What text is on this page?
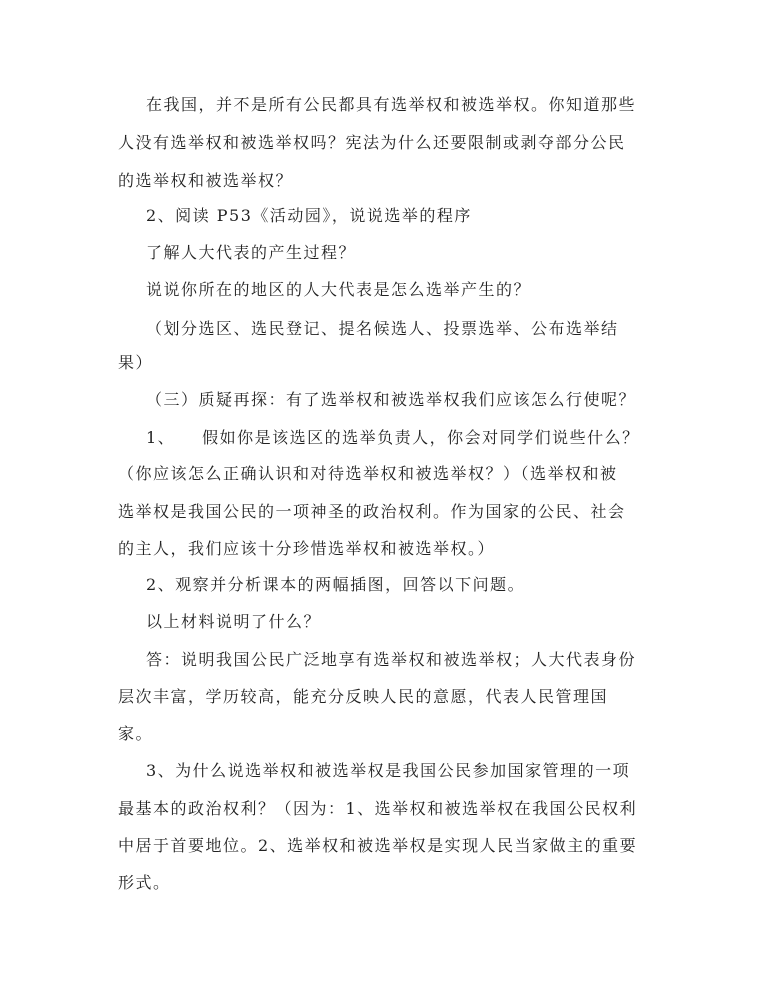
在我国，并不是所有公民都具有选举权和被选举权。你知道那些
人没有选举权和被选举权吗？宪法为什么还要限制或剥夺部分公民
的选举权和被选举权？
2、阅读 P53《活动园》，说说选举的程序
了解人大代表的产生过程？
说说你所在的地区的人大代表是怎么选举产生的？
（划分选区、选民登记、提名候选人、投票选举、公布选举结
果）
（三）质疑再探：有了选举权和被选举权我们应该怎么行使呢？
1、　　假如你是该选区的选举负责人，你会对同学们说些什么？
（你应该怎么正确认识和对待选举权和被选举权？）（选举权和被
选举权是我国公民的一项神圣的政治权利。作为国家的公民、社会
的主人，我们应该十分珍惜选举权和被选举权。）
2、观察并分析课本的两幅插图，回答以下问题。
以上材料说明了什么？
答：说明我国公民广泛地享有选举权和被选举权；人大代表身份
层次丰富，学历较高，能充分反映人民的意愿，代表人民管理国
家。
3、为什么说选举权和被选举权是我国公民参加国家管理的一项
最基本的政治权利？（因为：1、选举权和被选举权在我国公民权利
中居于首要地位。2、选举权和被选举权是实现人民当家做主的重要
形式。
